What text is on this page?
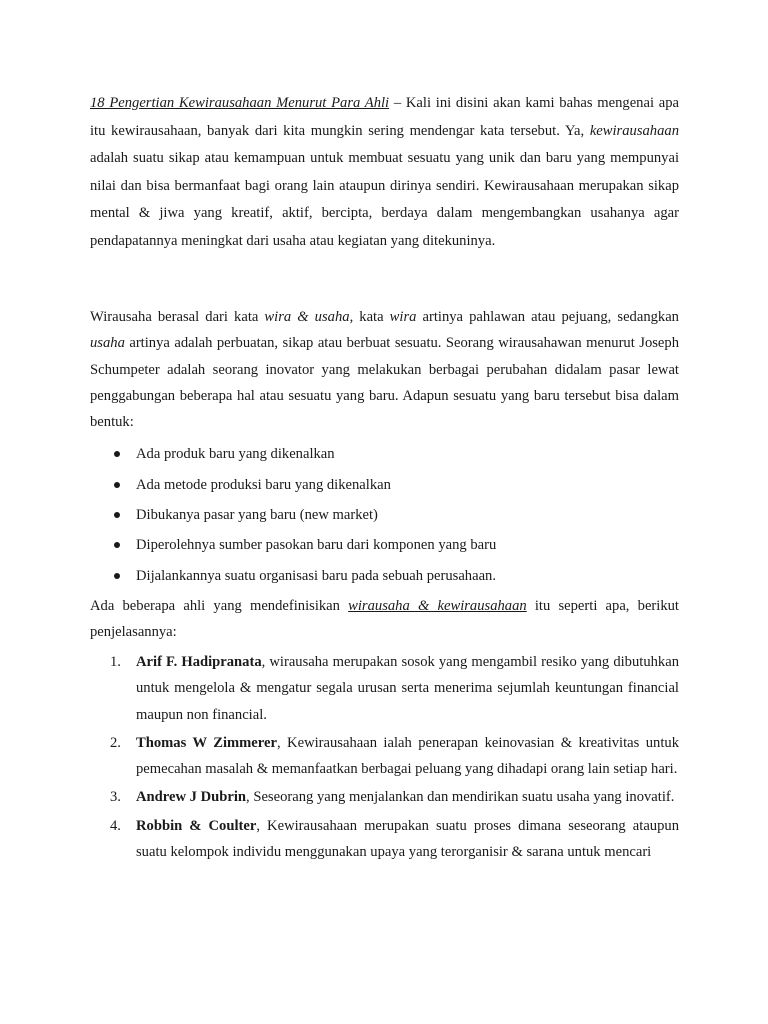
18 Pengertian Kewirausahaan Menurut Para Ahli – Kali ini disini akan kami bahas mengenai apa itu kewirausahaan, banyak dari kita mungkin sering mendengar kata tersebut. Ya, kewirausahaan adalah suatu sikap atau kemampuan untuk membuat sesuatu yang unik dan baru yang mempunyai nilai dan bisa bermanfaat bagi orang lain ataupun dirinya sendiri. Kewirausahaan merupakan sikap mental & jiwa yang kreatif, aktif, bercipta, berdaya dalam mengembangkan usahanya agar pendapatannya meningkat dari usaha atau kegiatan yang ditekuninya.

Wirausaha berasal dari kata wira & usaha, kata wira artinya pahlawan atau pejuang, sedangkan usaha artinya adalah perbuatan, sikap atau berbuat sesuatu. Seorang wirausahawan menurut Joseph Schumpeter adalah seorang inovator yang melakukan berbagai perubahan didalam pasar lewat penggabungan beberapa hal atau sesuatu yang baru. Adapun sesuatu yang baru tersebut bisa dalam bentuk:

Ada produk baru yang dikenalkan
Ada metode produksi baru yang dikenalkan
Dibukanya pasar yang baru (new market)
Diperolehnya sumber pasokan baru dari komponen yang baru
Dijalankannya suatu organisasi baru pada sebuah perusahaan.

Ada beberapa ahli yang mendefinisikan wirausaha & kewirausahaan itu seperti apa, berikut penjelasannya:

1. Arif F. Hadipranata, wirausaha merupakan sosok yang mengambil resiko yang dibutuhkan untuk mengelola & mengatur segala urusan serta menerima sejumlah keuntungan financial maupun non financial.
2. Thomas W Zimmerer, Kewirausahaan ialah penerapan keinovasian & kreativitas untuk pemecahan masalah & memanfaatkan berbagai peluang yang dihadapi orang lain setiap hari.
3. Andrew J Dubrin, Seseorang yang menjalankan dan mendirikan suatu usaha yang inovatif.
4. Robbin & Coulter, Kewirausahaan merupakan suatu proses dimana seseorang ataupun suatu kelompok individu menggunakan upaya yang terorganisir & sarana untuk mencari
